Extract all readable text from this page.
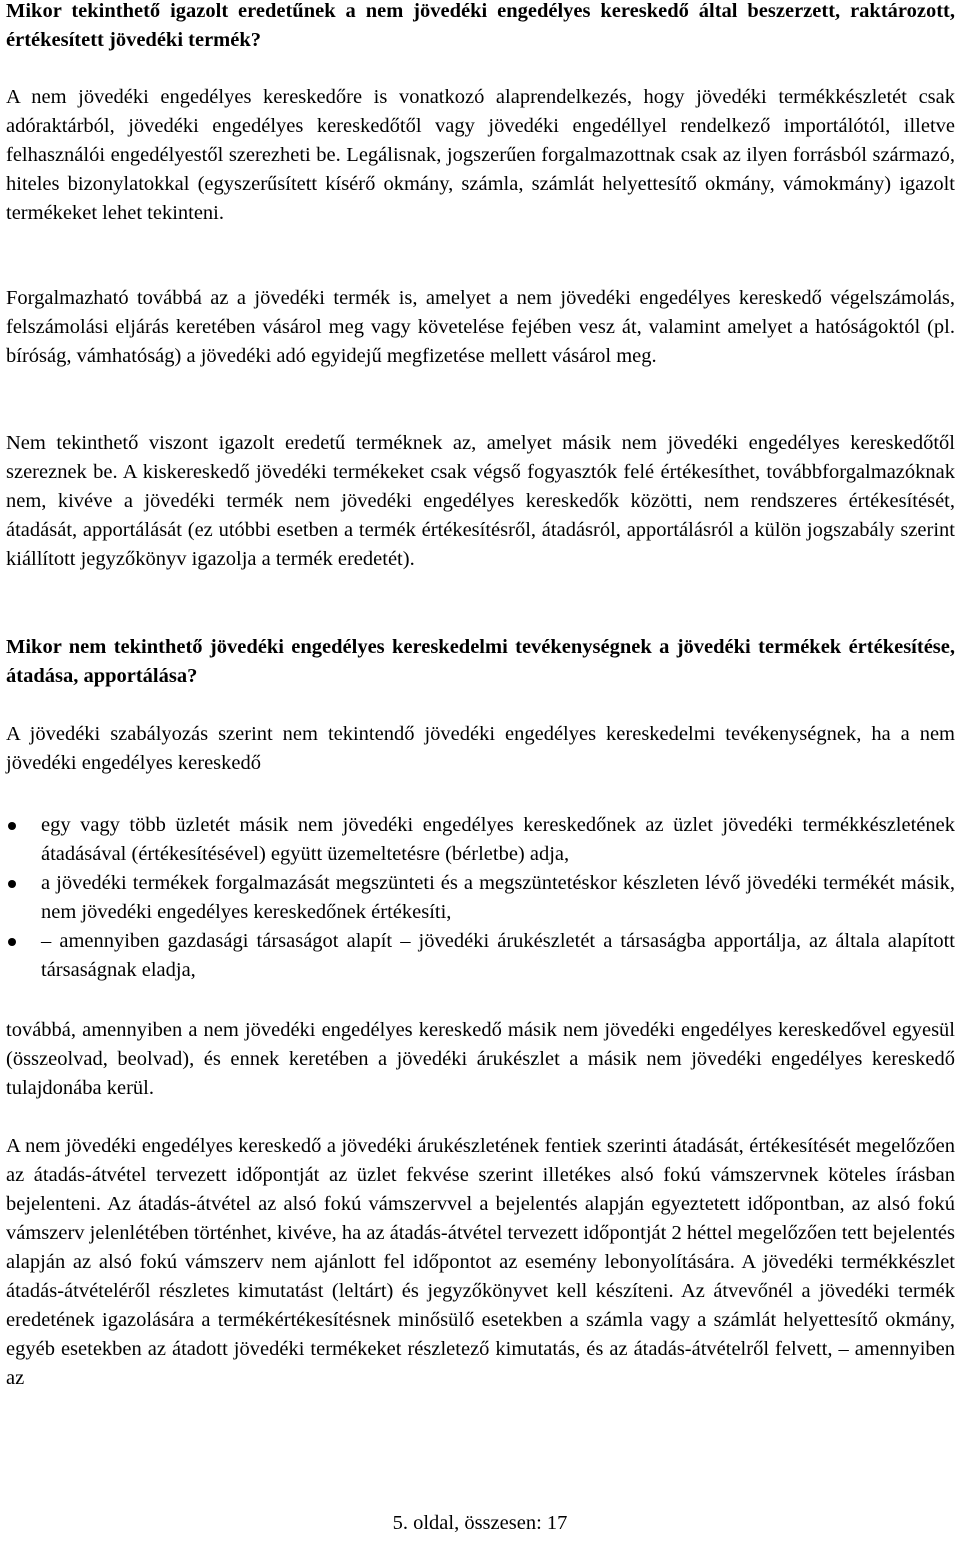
Mikor tekinthető igazolt eredetűnek a nem jövedéki engedélyes kereskedő által beszerzett, raktározott, értékesített jövedéki termék?

A nem jövedéki engedélyes kereskedőre is vonatkozó alaprendelkezés, hogy jövedéki termékkészletét csak adóraktárból, jövedéki engedélyes kereskedőtől vagy jövedéki engedéllyel rendelkező importálótól, illetve felhasználói engedélyestől szerezheti be. Legálisnak, jogszerűen forgalmazottnak csak az ilyen forrásból származó, hiteles bizonylatokkal (egyszerűsített kísérő okmány, számla, számlát helyettesítő okmány, vámokmány) igazolt termékeket lehet tekinteni.

Forgalmazható továbbá az a jövedéki termék is, amelyet a nem jövedéki engedélyes kereskedő végelszámolás, felszámolási eljárás keretében vásárol meg vagy követelése fejében vesz át, valamint amelyet a hatóságoktól (pl. bíróság, vámhatóság) a jövedéki adó egyidejű megfizetése mellett vásárol meg.

Nem tekinthető viszont igazolt eredetű terméknek az, amelyet másik nem jövedéki engedélyes kereskedőtől szereznek be. A kiskereskedő jövedéki termékeket csak végső fogyasztók felé értékesíthet, továbbforgalmazóknak nem, kivéve a jövedéki termék nem jövedéki engedélyes kereskedők közötti, nem rendszeres értékesítését, átadását, apportálását (ez utóbbi esetben a termék értékesítésről, átadásról, apportálásról a külön jogszabály szerint kiállított jegyzőkönyv igazolja a termék eredetét).

Mikor nem tekinthető jövedéki engedélyes kereskedelmi tevékenységnek a jövedéki termékek értékesítése, átadása, apportálása?

A jövedéki szabályozás szerint nem tekintendő jövedéki engedélyes kereskedelmi tevékenységnek, ha a nem jövedéki engedélyes kereskedő

egy vagy több üzletét másik nem jövedéki engedélyes kereskedőnek az üzlet jövedéki termékkészletének átadásával (értékesítésével) együtt üzemeltetésre (bérletbe) adja,
a jövedéki termékek forgalmazását megszünteti és a megszüntetéskor készleten lévő jövedéki termékét másik, nem jövedéki engedélyes kereskedőnek értékesíti,
– amennyiben gazdasági társaságot alapít – jövedéki árukészletét a társaságba apportálja, az általa alapított társaságnak eladja,

továbbá, amennyiben a nem jövedéki engedélyes kereskedő másik nem jövedéki engedélyes kereskedővel egyesül (összeolvad, beolvad), és ennek keretében a jövedéki árukészlet a másik nem jövedéki engedélyes kereskedő tulajdonába kerül.

A nem jövedéki engedélyes kereskedő a jövedéki árukészletének fentiek szerinti átadását, értékesítését megelőzően az átadás-átvétel tervezett időpontját az üzlet fekvése szerint illetékes alsó fokú vámszervnek köteles írásban bejelenteni. Az átadás-átvétel az alsó fokú vámszervvel a bejelentés alapján egyeztetett időpontban, az alsó fokú vámszerv jelenlétében történhet, kivéve, ha az átadás-átvétel tervezett időpontját 2 héttel megelőzően tett bejelentés alapján az alsó fokú vámszerv nem ajánlott fel időpontot az esemény lebonyolítására. A jövedéki termékkészlet átadás-átvételéről részletes kimutatást (leltárt) és jegyzőkönyvet kell készíteni. Az átvevőnél a jövedéki termék eredetének igazolására a termékértékesítésnek minősülő esetekben a számla vagy a számlát helyettesítő okmány, egyéb esetekben az átadott jövedéki termékeket részletező kimutatás, és az átadás-átvételről felvett, – amennyiben az

5. oldal, összesen: 17
